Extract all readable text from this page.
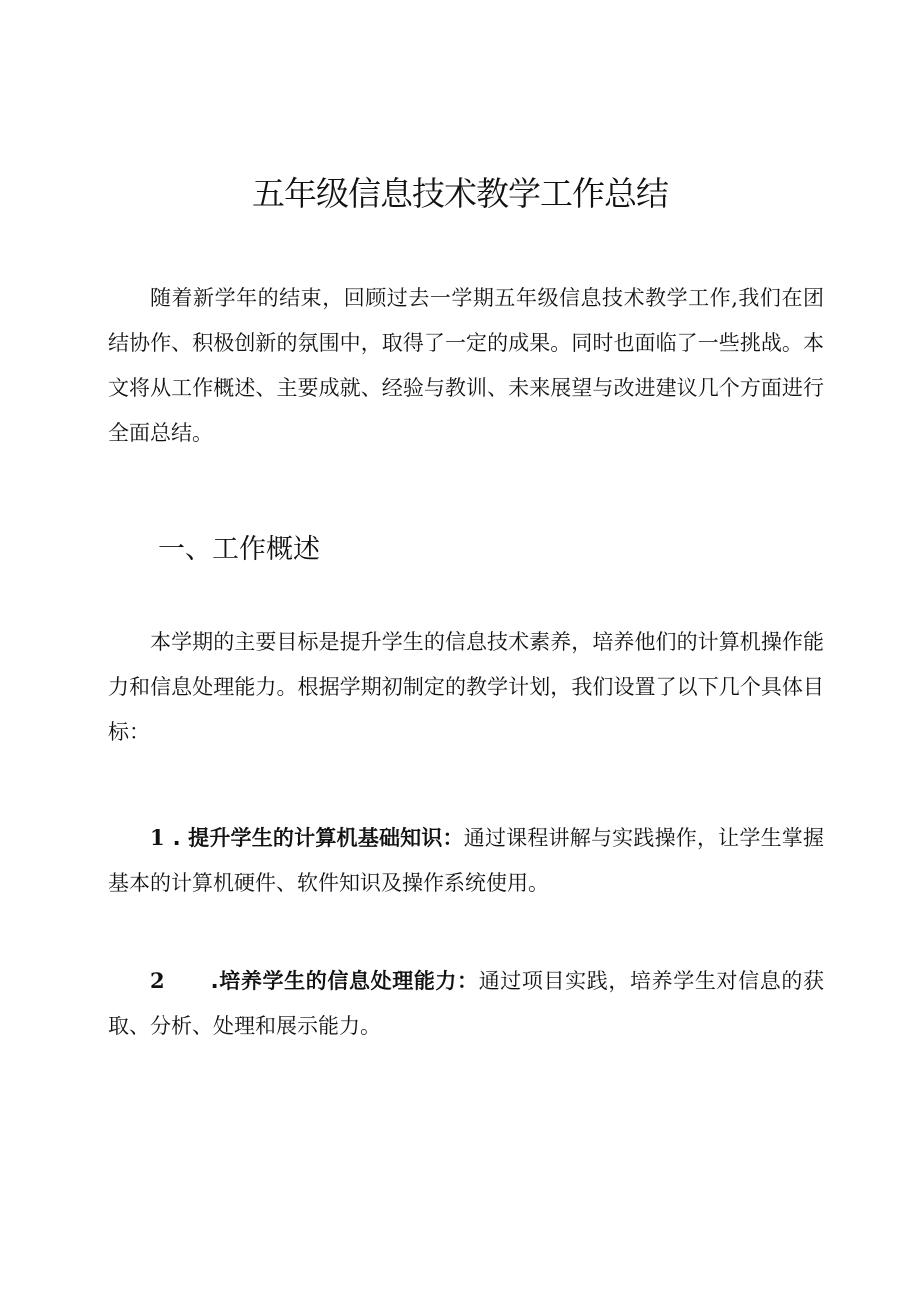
五年级信息技术教学工作总结

随着新学年的结束，回顾过去一学期五年级信息技术教学工作,我们在团结协作、积极创新的氛围中，取得了一定的成果。同时也面临了一些挑战。本文将从工作概述、主要成就、经验与教训、未来展望与改进建议几个方面进行全面总结。

一、工作概述

本学期的主要目标是提升学生的信息技术素养，培养他们的计算机操作能力和信息处理能力。根据学期初制定的教学计划，我们设置了以下几个具体目标：

1 . 提升学生的计算机基础知识：通过课程讲解与实践操作，让学生掌握基本的计算机硬件、软件知识及操作系统使用。

2 .培养学生的信息处理能力：通过项目实践，培养学生对信息的获取、分析、处理和展示能力。
